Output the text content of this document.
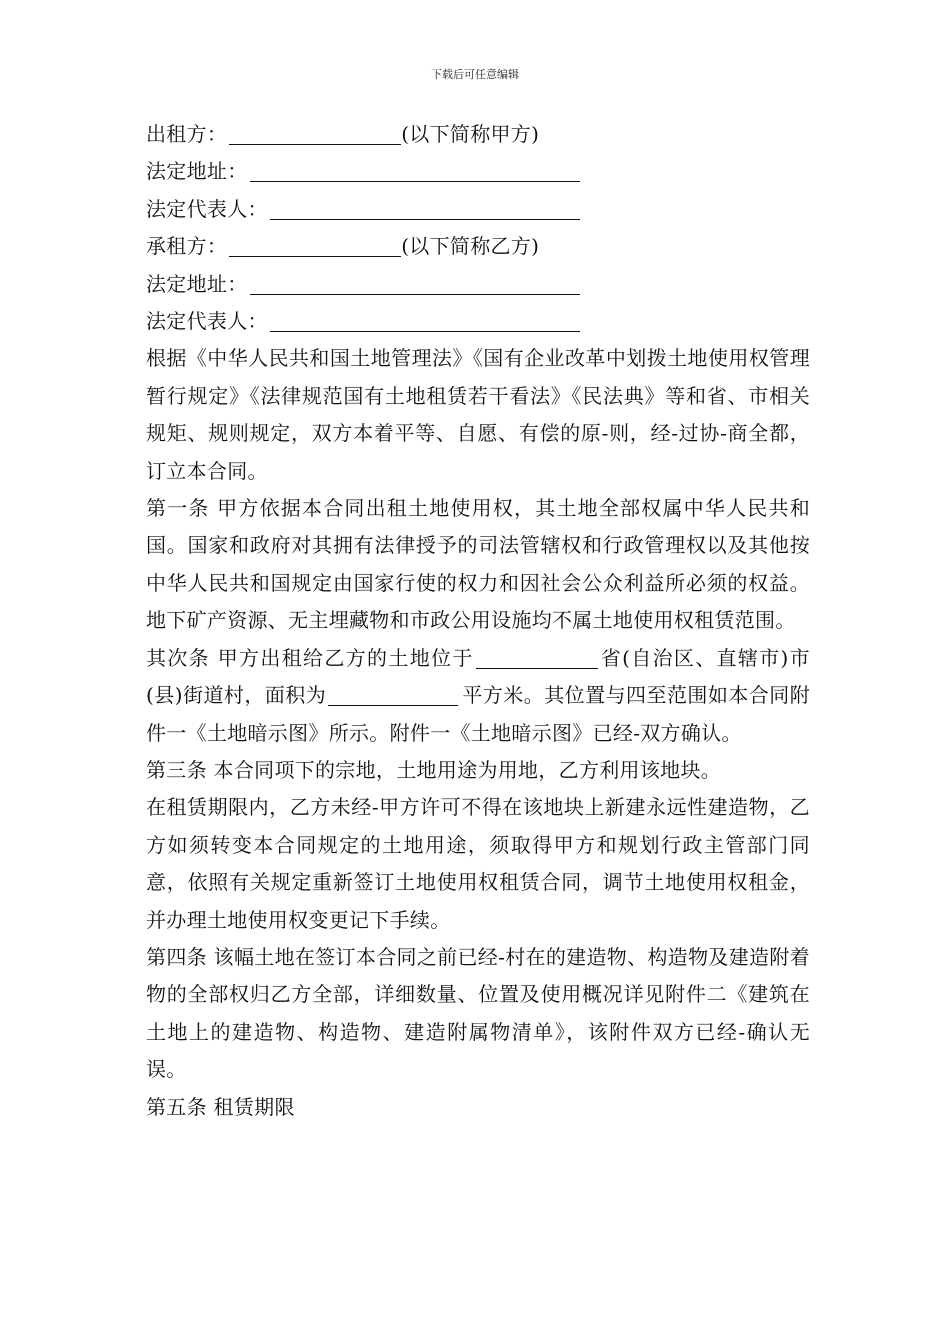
下载后可任意编辑
出租方：	(以下简称甲方)
法定地址：
法定代表人：
承租方：	(以下简称乙方)
法定地址：
法定代表人：
根据《中华人民共和国土地管理法》《国有企业改革中划拨土地使用权管理暂行规定》《法律规范国有土地租赁若干看法》《民法典》等和省、市相关规矩、规则规定，双方本着平等、自愿、有偿的原-则，经-过协-商全都，订立本合同。
第一条 甲方依据本合同出租土地使用权，其土地全部权属中华人民共和国。国家和政府对其拥有法律授予的司法管辖权和行政管理权以及其他按中华人民共和国规定由国家行使的权力和因社会公众利益所必须的权益。地下矿产资源、无主埋藏物和市政公用设施均不属土地使用权租赁范围。
其次条 甲方出租给乙方的土地位于	省(自治区、直辖市)市(县)街道村，面积为	平方米。其位置与四至范围如本合同附件一《土地暗示图》所示。附件一《土地暗示图》已经-双方确认。
第三条 本合同项下的宗地，土地用途为用地，乙方利用该地块。
在租赁期限内，乙方未经-甲方许可不得在该地块上新建永远性建造物，乙方如须转变本合同规定的土地用途，须取得甲方和规划行政主管部门同意，依照有关规定重新签订土地使用权租赁合同，调节土地使用权租金，并办理土地使用权变更记下手续。
第四条 该幅土地在签订本合同之前已经-村在的建造物、构造物及建造附着物的全部权归乙方全部，详细数量、位置及使用概况详见附件二《建筑在土地上的建造物、构造物、建造附属物清单》，该附件双方已经-确认无误。
第五条 租赁期限
